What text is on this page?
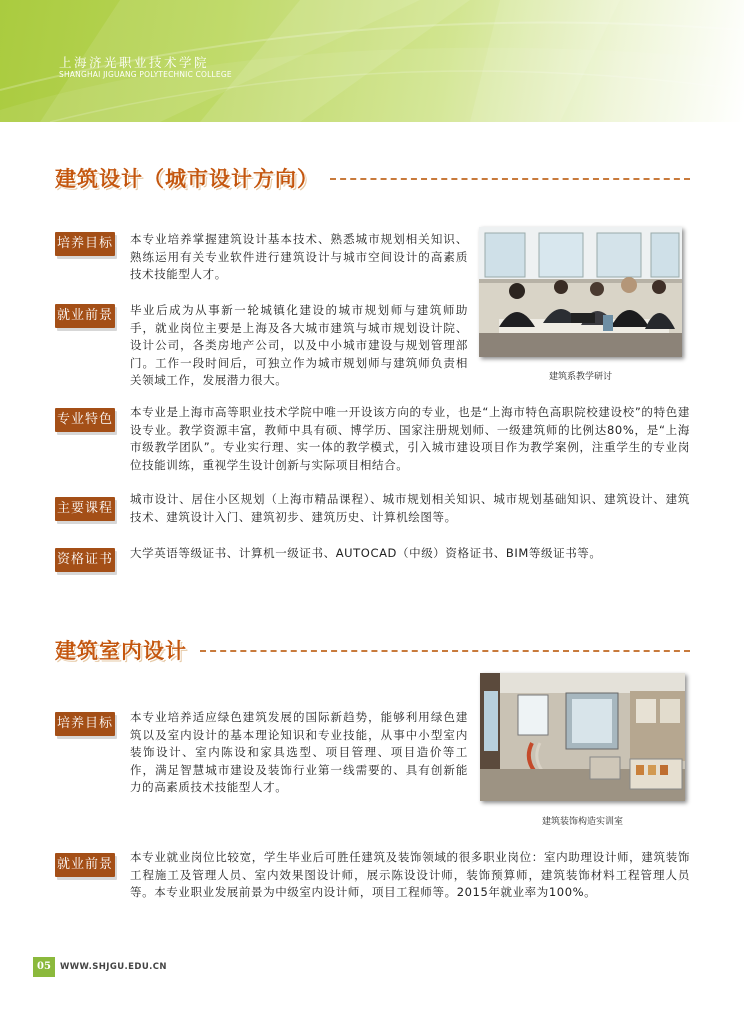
上海济光职业技术学院
SHANGHAI JIGUANG POLYTECHNIC COLLEGE
建筑设计（城市设计方向）
培养目标 本专业培养掌握建筑设计基本技术、熟悉城市规划相关知识、熟练运用有关专业软件进行建筑设计与城市空间设计的高素质技术技能型人才。
就业前景 毕业后成为从事新一轮城镇化建设的城市规划师与建筑师助手，就业岗位主要是上海及各大城市建筑与城市规划设计院、设计公司，各类房地产公司，以及中小城市建设与规划管理部门。工作一段时间后，可独立作为城市规划师与建筑师负责相关领域工作，发展潜力很大。	建筑系教学研讨
专业特色 本专业是上海市高等职业技术学院中唯一开设该方向的专业，也是“上海市特色高职院校建设校”的特色建设专业。教学资源丰富，教师中具有硕、博学历、国家注册规划师、一级建筑师的比例达80%，是“上海市级教学团队”。专业实行理、实一体的教学模式，引入城市建设项目作为教学案例，注重学生的专业岗位技能训练，重视学生设计创新与实际项目相结合。
主要课程
城市设计、居住小区规划（上海市精品课程）、城市规划相关知识、城市规划基础知识、建筑设计、建筑技术、建筑设计入门、建筑初步、建筑历史、计算机绘图等。
资格证书 大学英语等级证书、计算机一级证书、AUTOCAD（中级）资格证书、BIM等级证书等。
建筑室内设计
建筑装饰构造实训室
培养目标 本专业培养适应绿色建筑发展的国际新趋势，能够利用绿色建筑以及室内设计的基本理论知识和专业技能，从事中小型室内装饰设计、室内陈设和家具选型、项目管理、项目造价等工作，满足智慧城市建设及装饰行业第一线需要的、具有创新能力的高素质技术技能型人才。
就业前景 本专业就业岗位比较宽，学生毕业后可胜任建筑及装饰领域的很多职业岗位：室内助理设计师，建筑装饰工程施工及管理人员、室内效果图设计师，展示陈设设计师，装饰预算师，建筑装饰材料工程管理人员等。本专业职业发展前景为中级室内设计师，项目工程师等。2015年就业率为100%。
05	WWW.SHJGU.EDU.CN
